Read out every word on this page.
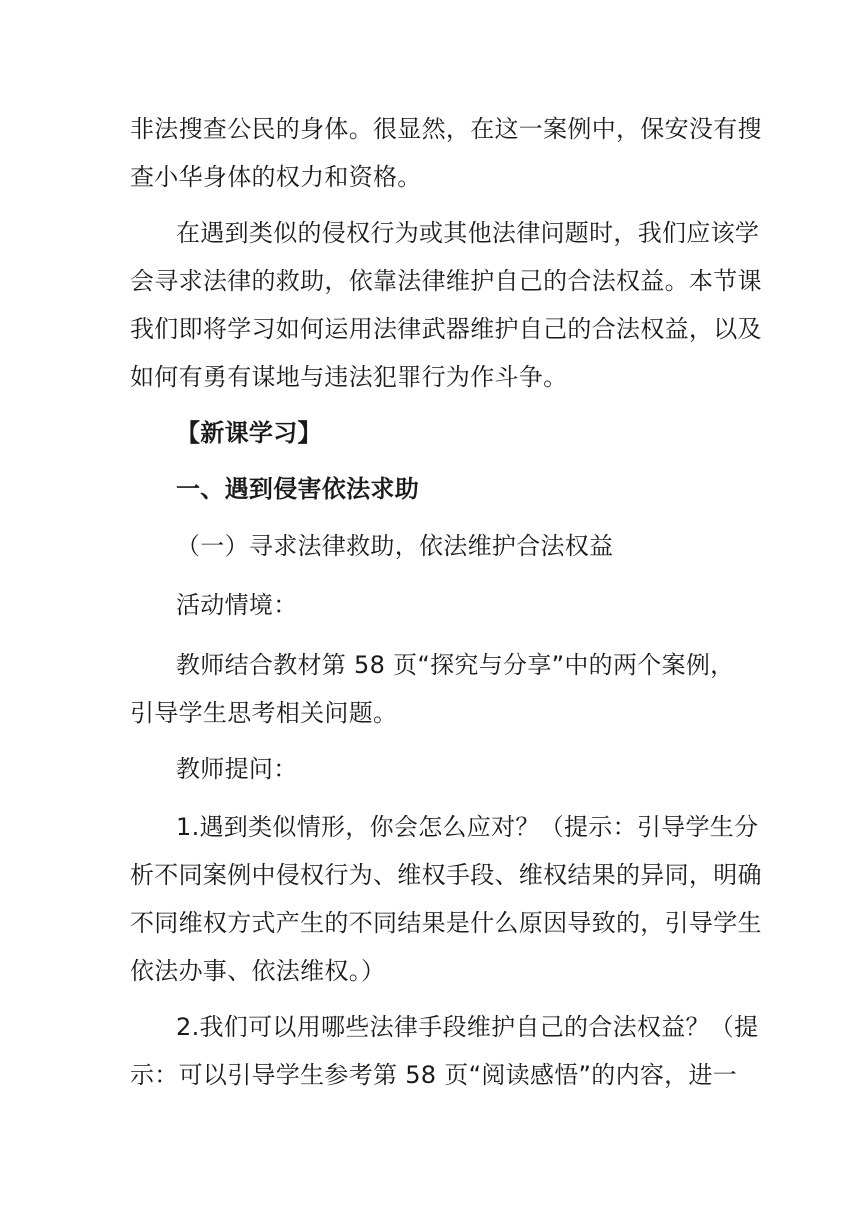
非法搜查公民的身体。很显然，在这一案例中，保安没有搜
查小华身体的权力和资格。
在遇到类似的侵权行为或其他法律问题时，我们应该学
会寻求法律的救助，依靠法律维护自己的合法权益。本节课
我们即将学习如何运用法律武器维护自己的合法权益，以及
如何有勇有谋地与违法犯罪行为作斗争。
【新课学习】
一、遇到侵害依法求助
（一）寻求法律救助，依法维护合法权益
活动情境：
教师结合教材第 58 页“探究与分享”中的两个案例，
引导学生思考相关问题。
教师提问：
1.遇到类似情形，你会怎么应对？（提示：引导学生分
析不同案例中侵权行为、维权手段、维权结果的异同，明确
不同维权方式产生的不同结果是什么原因导致的，引导学生
依法办事、依法维权。）
2.我们可以用哪些法律手段维护自己的合法权益？（提
示：可以引导学生参考第 58 页“阅读感悟”的内容，进一
